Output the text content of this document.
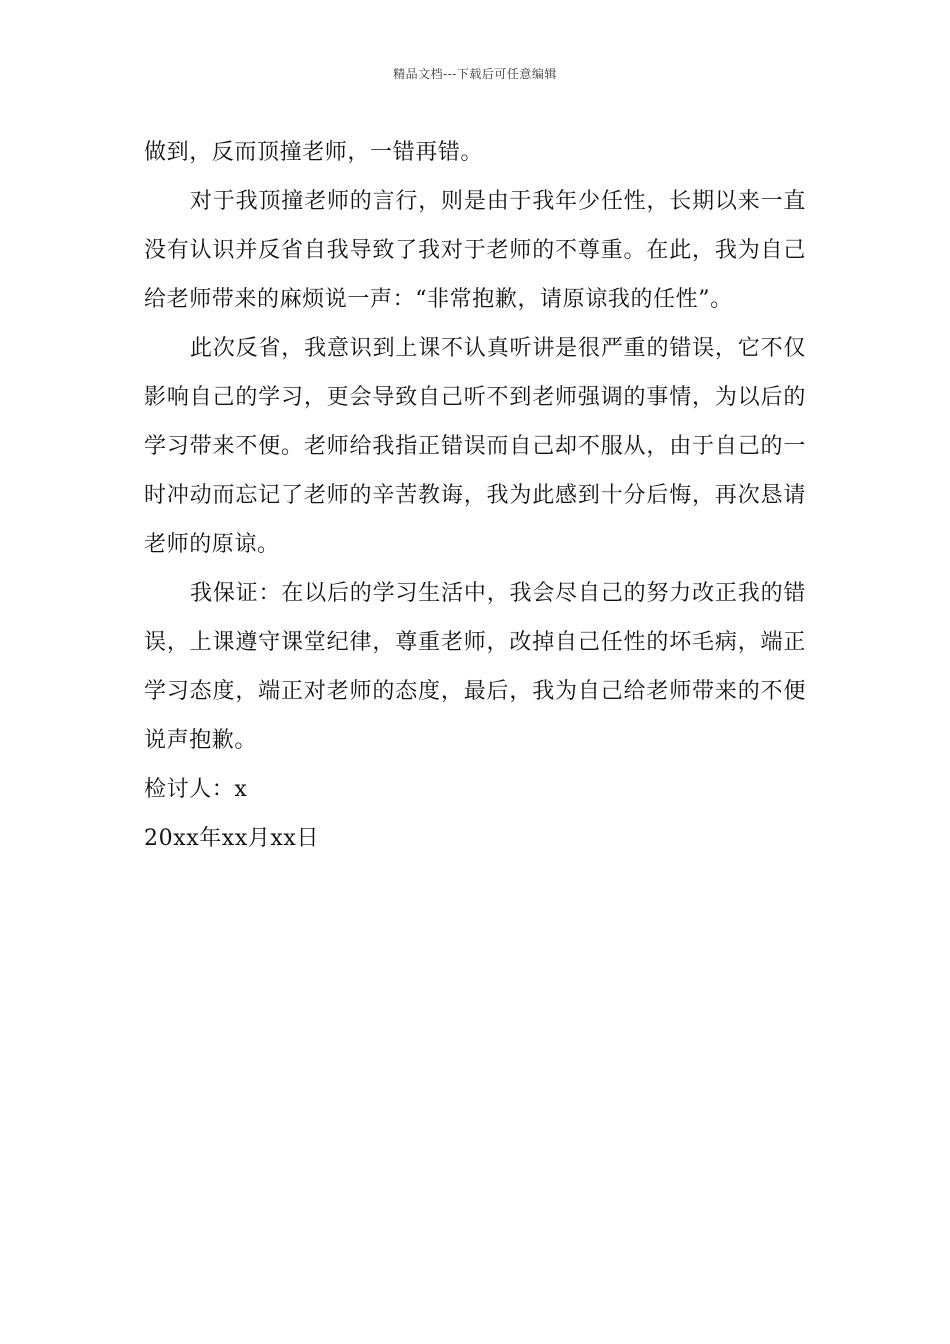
精品文档---下载后可任意编辑

做到，反而顶撞老师，一错再错。

对于我顶撞老师的言行，则是由于我年少任性，长期以来一直没有认识并反省自我导致了我对于老师的不尊重。在此，我为自己给老师带来的麻烦说一声：“非常抱歉，请原谅我的任性”。

此次反省，我意识到上课不认真听讲是很严重的错误，它不仅影响自己的学习，更会导致自己听不到老师强调的事情，为以后的学习带来不便。老师给我指正错误而自己却不服从，由于自己的一时冲动而忘记了老师的辛苦教诲，我为此感到十分后悔，再次恳请老师的原谅。

我保证：在以后的学习生活中，我会尽自己的努力改正我的错误，上课遵守课堂纪律，尊重老师，改掉自己任性的坏毛病，端正学习态度，端正对老师的态度，最后，我为自己给老师带来的不便说声抱歉。

检讨人：x

20xx年xx月xx日
